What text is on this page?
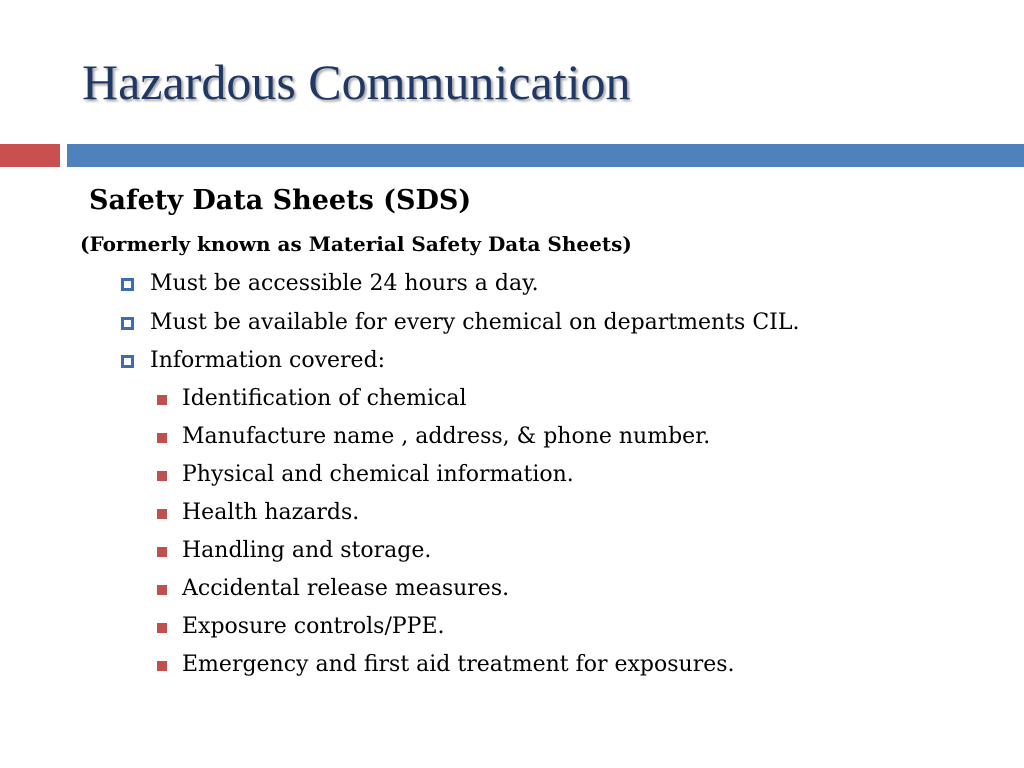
Hazardous Communication
Safety Data Sheets (SDS)
(Formerly known as Material Safety Data Sheets)
Must be accessible 24 hours a day.
Must be available for every chemical on departments CIL.
Information covered:
Identification of chemical
Manufacture name , address, & phone number.
Physical and chemical information.
Health hazards.
Handling and storage.
Accidental release measures.
Exposure controls/PPE.
Emergency and first aid treatment for exposures.
